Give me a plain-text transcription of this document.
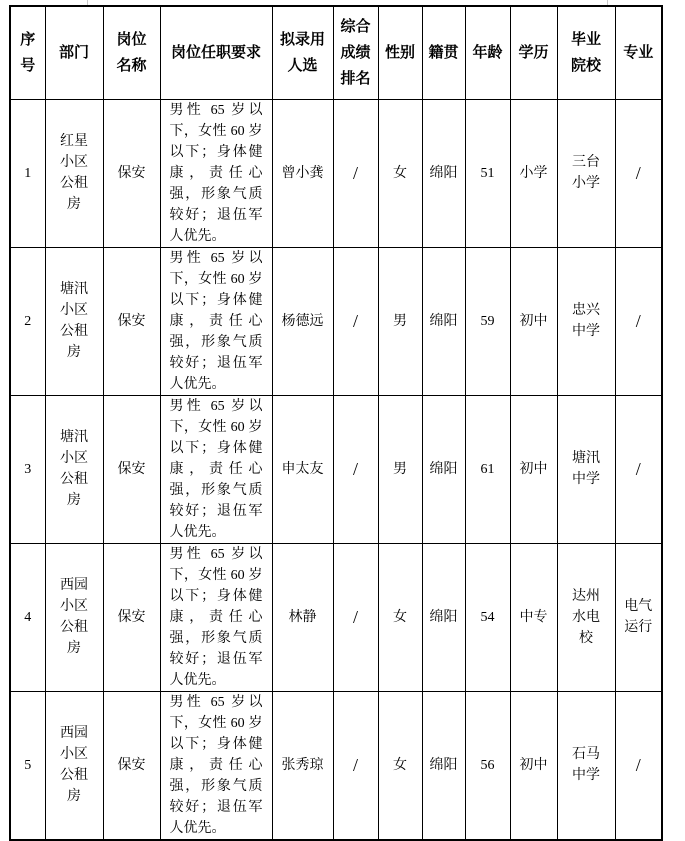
序号	部门	岗位名称	岗位任职要求	拟录用人选	综合成绩排名	性别	籍贯	年龄	学历	毕业院校	专业
1	红星小区公租房	保安	男性 65 岁以下，女性 60 岁以下；身体健康，责任心强，形象气质较好；退伍军人优先。	曾小龚	/	女	绵阳	51	小学	三台小学	/
2	塘汛小区公租房	保安	男性 65 岁以下，女性 60 岁以下；身体健康，责任心强，形象气质较好；退伍军人优先。	杨德远	/	男	绵阳	59	初中	忠兴中学	/
3	塘汛小区公租房	保安	男性 65 岁以下，女性 60 岁以下；身体健康，责任心强，形象气质较好；退伍军人优先。	申太友	/	男	绵阳	61	初中	塘汛中学	/
4	西园小区公租房	保安	男性 65 岁以下，女性 60 岁以下；身体健康，责任心强，形象气质较好；退伍军人优先。	林静	/	女	绵阳	54	中专	达州水电校	电气运行
5	西园小区公租房	保安	男性 65 岁以下，女性 60 岁以下；身体健康，责任心强，形象气质较好；退伍军人优先。	张秀琼	/	女	绵阳	56	初中	石马中学	/
